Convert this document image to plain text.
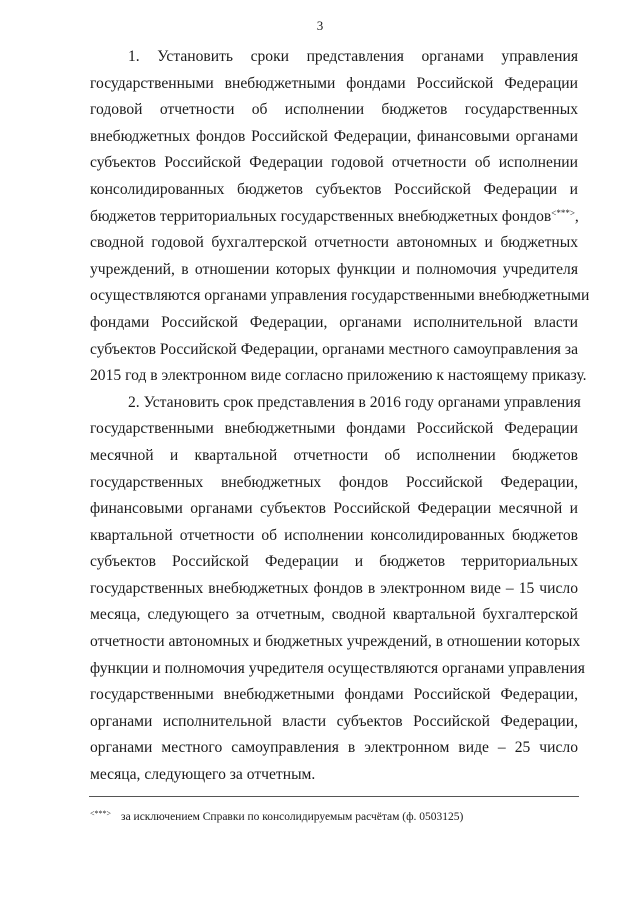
3
1. Установить сроки представления органами управления
государственными внебюджетными фондами Российской Федерации
годовой отчетности об исполнении бюджетов государственных
внебюджетных фондов Российской Федерации, финансовыми органами
субъектов Российской Федерации годовой отчетности об исполнении
консолидированных бюджетов субъектов Российской Федерации и
бюджетов территориальных государственных внебюджетных фондов<***>,
сводной годовой бухгалтерской отчетности автономных и бюджетных
учреждений, в отношении которых функции и полномочия учредителя
осуществляются органами управления государственными внебюджетными
фондами Российской Федерации, органами исполнительной власти
субъектов Российской Федерации, органами местного самоуправления за
2015 год в электронном виде согласно приложению к настоящему приказу.
2. Установить срок представления в 2016 году органами управления
государственными внебюджетными фондами Российской Федерации
месячной и квартальной отчетности об исполнении бюджетов
государственных внебюджетных фондов Российской Федерации,
финансовыми органами субъектов Российской Федерации месячной и
квартальной отчетности об исполнении консолидированных бюджетов
субъектов Российской Федерации и бюджетов территориальных
государственных внебюджетных фондов в электронном виде – 15 число
месяца, следующего за отчетным, сводной квартальной бухгалтерской
отчетности автономных и бюджетных учреждений, в отношении которых
функции и полномочия учредителя осуществляются органами управления
государственными внебюджетными фондами Российской Федерации,
органами исполнительной власти субъектов Российской Федерации,
органами местного самоуправления в электронном виде – 25 число
месяца, следующего за отчетным.
<***> за исключением Справки по консолидируемым расчётам (ф. 0503125)
